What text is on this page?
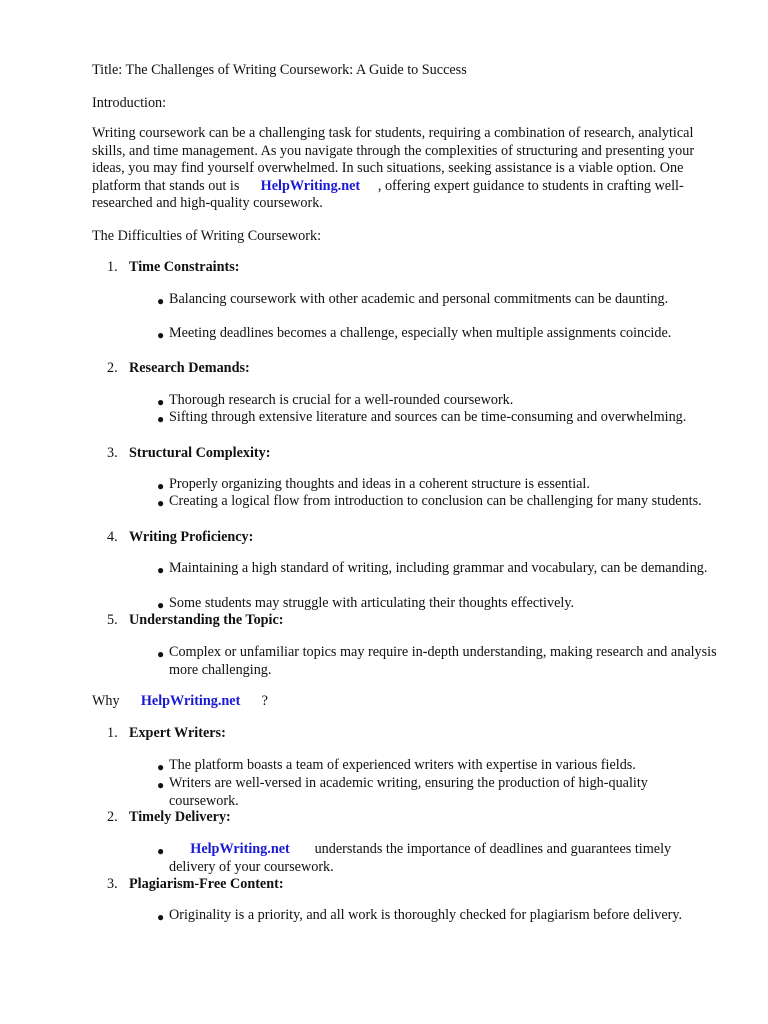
Title: The Challenges of Writing Coursework: A Guide to Success

Introduction:

Writing coursework can be a challenging task for students, requiring a combination of research, analytical skills, and time management. As you navigate through the complexities of structuring and presenting your ideas, you may find yourself overwhelmed. In such situations, seeking assistance is a viable option. One platform that stands out is HelpWriting.net , offering expert guidance to students in crafting well-researched and high-quality coursework.

The Difficulties of Writing Coursework:

1. Time Constraints:
● Balancing coursework with other academic and personal commitments can be daunting.
● Meeting deadlines becomes a challenge, especially when multiple assignments coincide.
2. Research Demands:
● Thorough research is crucial for a well-rounded coursework.
● Sifting through extensive literature and sources can be time-consuming and overwhelming.
3. Structural Complexity:
● Properly organizing thoughts and ideas in a coherent structure is essential.
● Creating a logical flow from introduction to conclusion can be challenging for many students.
4. Writing Proficiency:
● Maintaining a high standard of writing, including grammar and vocabulary, can be demanding.
● Some students may struggle with articulating their thoughts effectively.
5. Understanding the Topic:
● Complex or unfamiliar topics may require in-depth understanding, making research and analysis more challenging.

Why HelpWriting.net ?

1. Expert Writers:
● The platform boasts a team of experienced writers with expertise in various fields.
● Writers are well-versed in academic writing, ensuring the production of high-quality coursework.
2. Timely Delivery:
●	HelpWriting.net understands the importance of deadlines and guarantees timely delivery of your coursework.
3. Plagiarism-Free Content:
● Originality is a priority, and all work is thoroughly checked for plagiarism before delivery.
